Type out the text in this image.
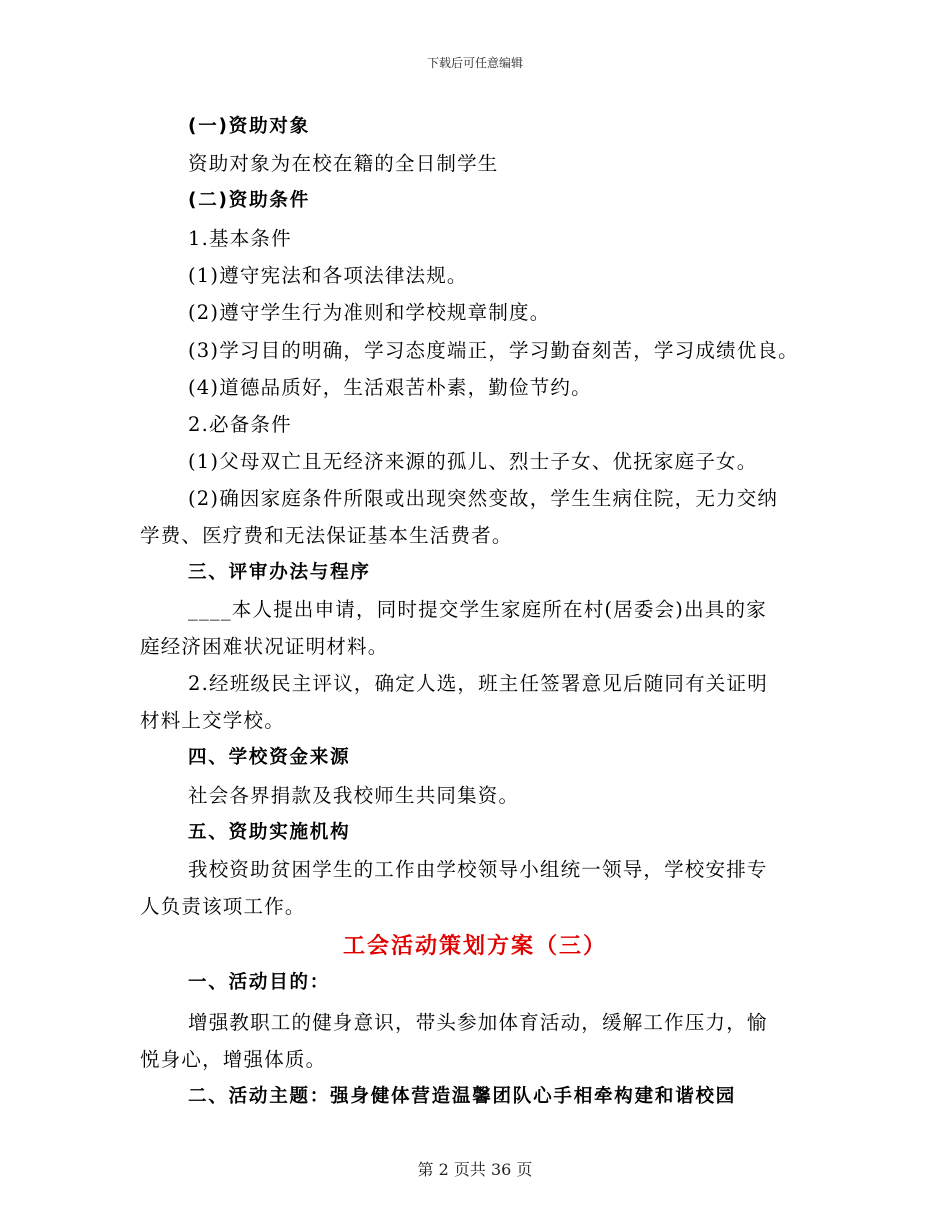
下载后可任意编辑
(一)资助对象
资助对象为在校在籍的全日制学生
(二)资助条件
1.基本条件
(1)遵守宪法和各项法律法规。
(2)遵守学生行为准则和学校规章制度。
(3)学习目的明确，学习态度端正，学习勤奋刻苦，学习成绩优良。
(4)道德品质好，生活艰苦朴素，勤俭节约。
2.必备条件
(1)父母双亡且无经济来源的孤儿、烈士子女、优抚家庭子女。
(2)确因家庭条件所限或出现突然变故，学生生病住院，无力交纳
学费、医疗费和无法保证基本生活费者。
三、评审办法与程序
____本人提出申请，同时提交学生家庭所在村(居委会)出具的家
庭经济困难状况证明材料。
2.经班级民主评议，确定人选，班主任签署意见后随同有关证明
材料上交学校。
四、学校资金来源
社会各界捐款及我校师生共同集资。
五、资助实施机构
我校资助贫困学生的工作由学校领导小组统一领导，学校安排专
人负责该项工作。
一、活动目的：
增强教职工的健身意识，带头参加体育活动，缓解工作压力，愉
悦身心，增强体质。
二、活动主题：强身健体营造温馨团队心手相牵构建和谐校园
工会活动策划方案（三）
第 2 页共 36 页
